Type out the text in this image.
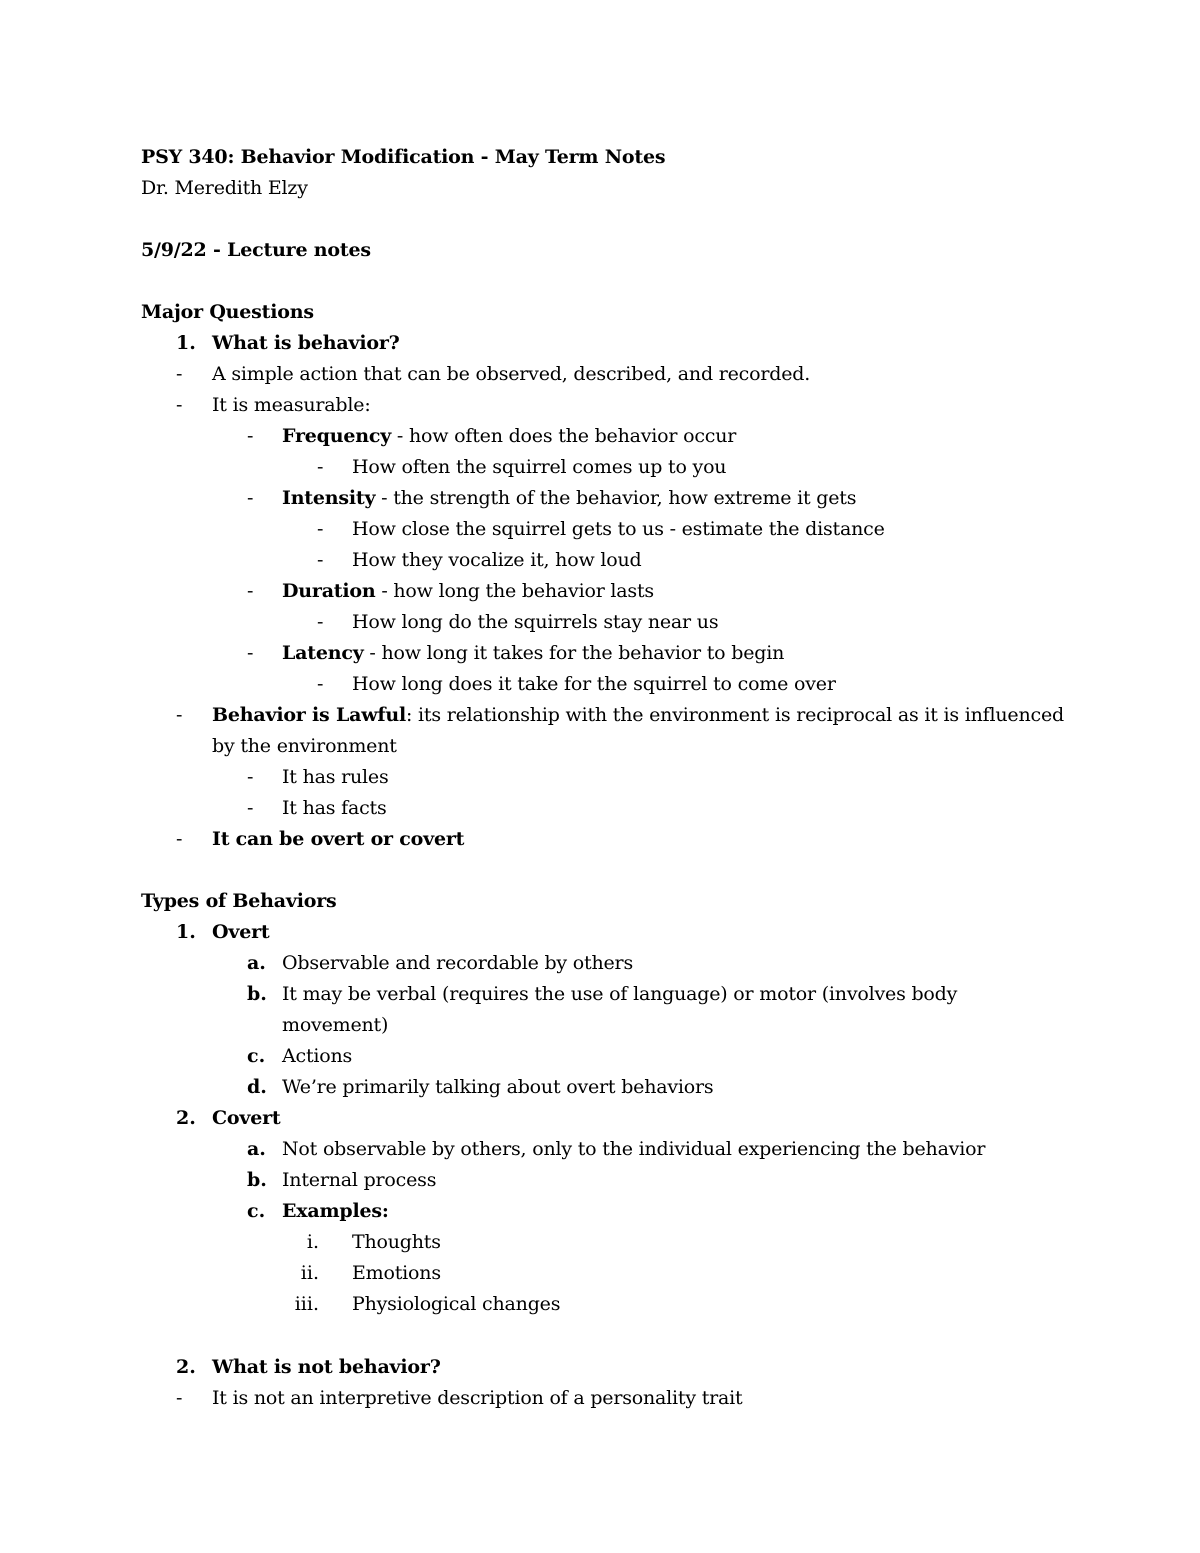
PSY 340: Behavior Modification - May Term Notes
Dr. Meredith Elzy
5/9/22 - Lecture notes
Major Questions
1. What is behavior?
- A simple action that can be observed, described, and recorded.
- It is measurable:
- Frequency - how often does the behavior occur
- How often the squirrel comes up to you
- Intensity - the strength of the behavior, how extreme it gets
- How close the squirrel gets to us - estimate the distance
- How they vocalize it, how loud
- Duration - how long the behavior lasts
- How long do the squirrels stay near us
- Latency - how long it takes for the behavior to begin
- How long does it take for the squirrel to come over
- Behavior is Lawful: its relationship with the environment is reciprocal as it is influenced
by the environment
- It has rules
- It has facts
- It can be overt or covert
Types of Behaviors
1. Overt
a. Observable and recordable by others
b. It may be verbal (requires the use of language) or motor (involves body
movement)
c. Actions
d. We’re primarily talking about overt behaviors
2. Covert
a. Not observable by others, only to the individual experiencing the behavior
b. Internal process
c. Examples:
i. Thoughts
ii. Emotions
iii. Physiological changes
2. What is not behavior?
- It is not an interpretive description of a personality trait
